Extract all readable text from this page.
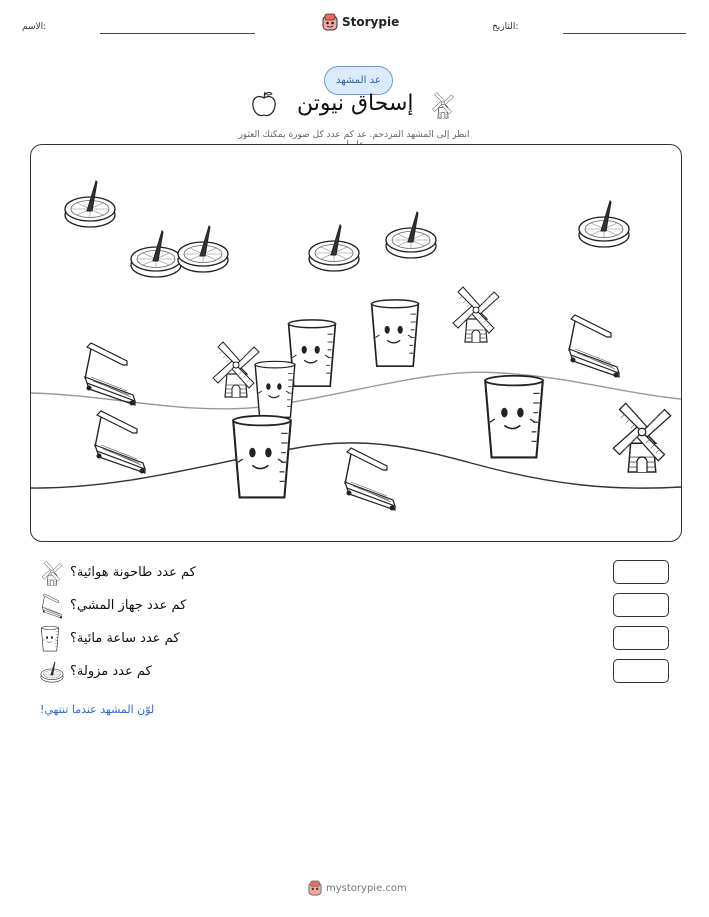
الاسم:	Storypie	التاريخ:
عد المشهد
إسحاق نيوتن
انظر إلى المشهد المزدحم. عد كم عدد كل صورة يمكنك العثور عليها.
كم عدد طاحونة هوائية؟
كم عدد جهاز المشي؟
كم عدد ساعة مائية؟
كم عدد مزولة؟
لوّن المشهد عندما تنتهي!
mystorypie.com
